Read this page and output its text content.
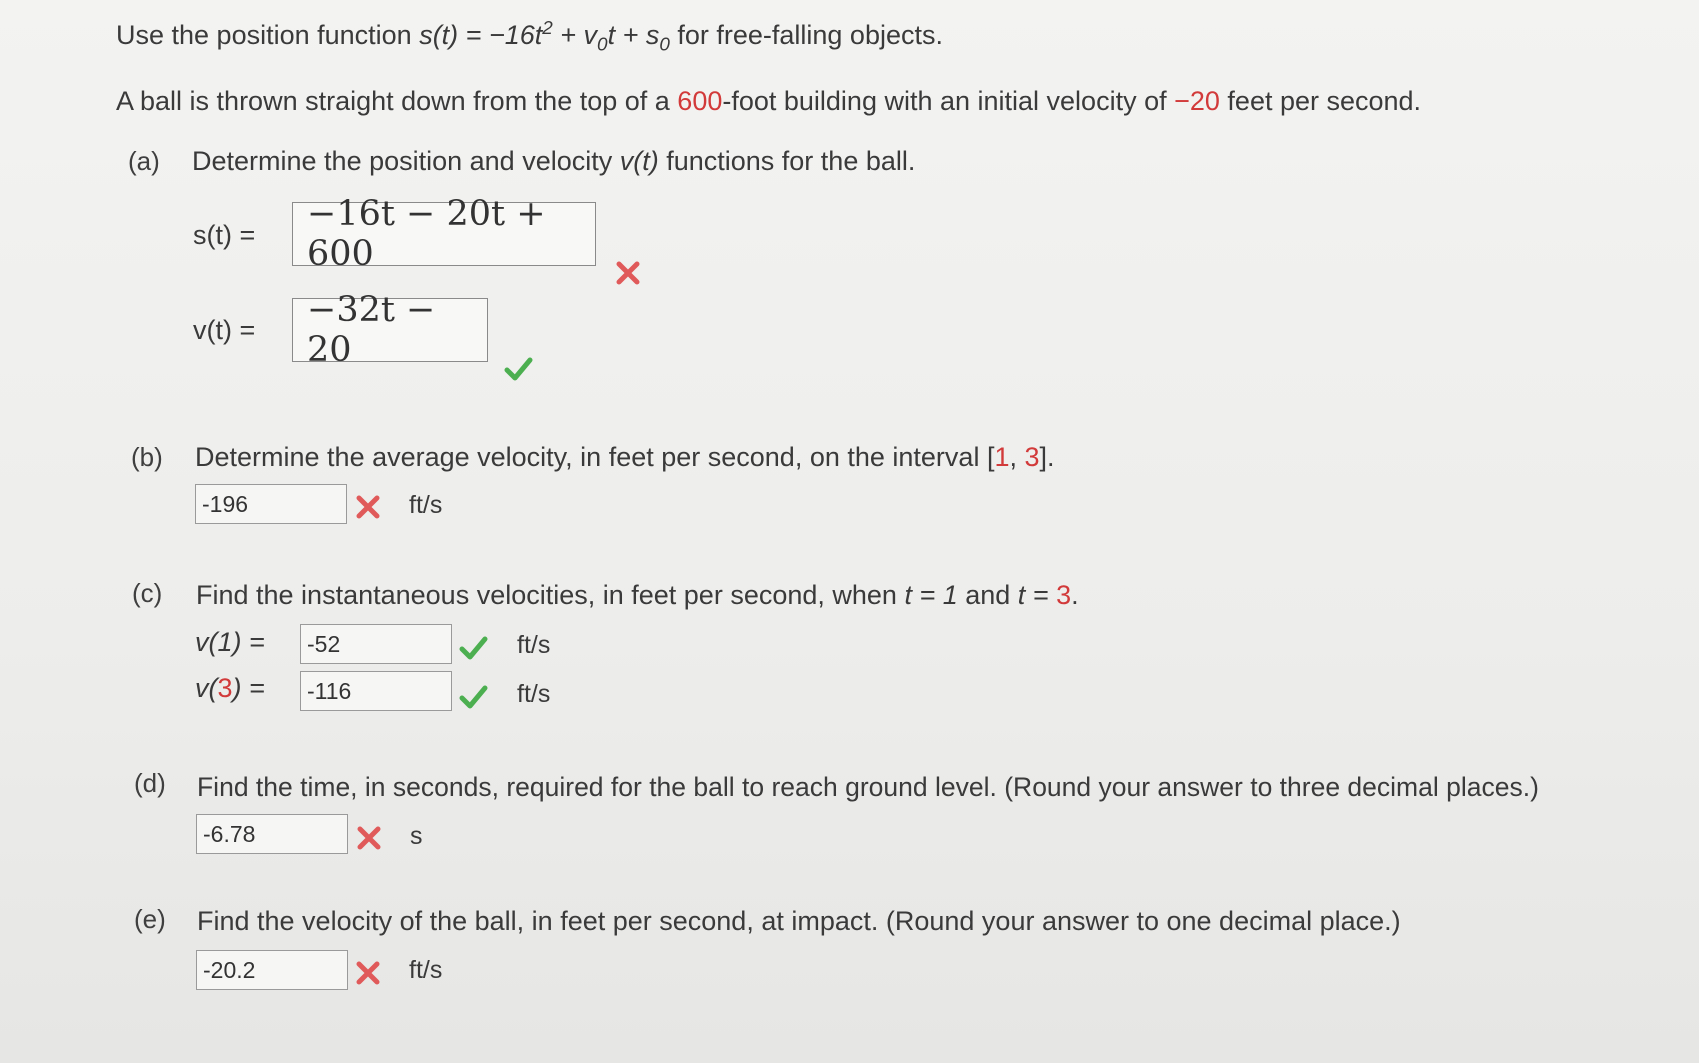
Use the position function $s(t) = -16t^2 + v_0t + s_0$ for free-falling objects.
A ball is thrown straight down from the top of a 600-foot building with an initial velocity of −20 feet per second.
(a) Determine the position and velocity v(t) functions for the ball.
s(t) =
−16t − 20t + 600
v(t) = −32t − 20
(b) Determine the average velocity, in feet per second, on the interval [1, 3].
-196	ft/s
(c) Find the instantaneous velocities, in feet per second, when t = 1 and t = 3.
v(1) =	-52	ft/s
v(3) =	-116	ft/s
(d) Find the time, in seconds, required for the ball to reach ground level. (Round your answer to three decimal places.)
-6.78	s
(e) Find the velocity of the ball, in feet per second, at impact. (Round your answer to one decimal place.)
-20.2	ft/s
